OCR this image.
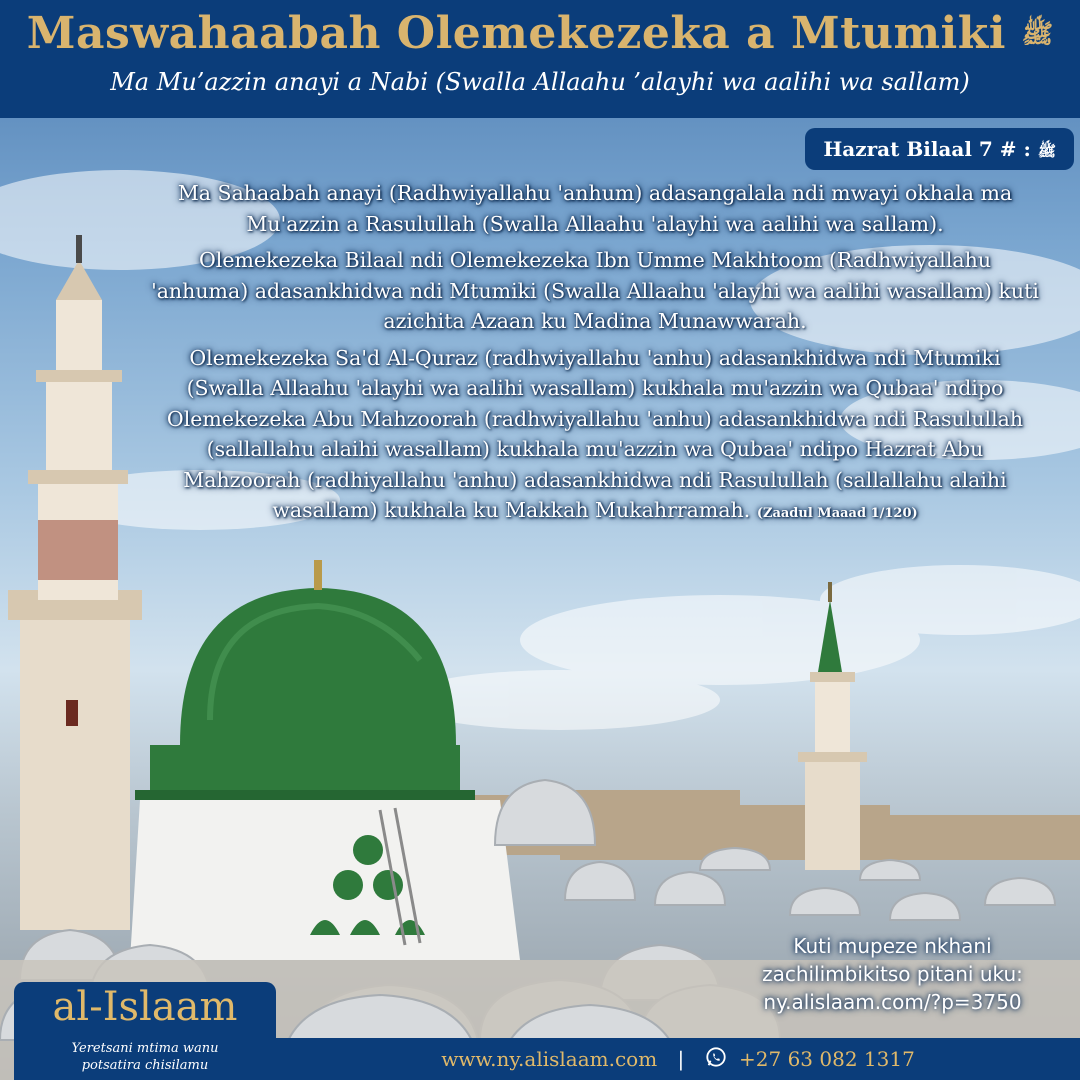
Maswahaabah Olemekezeka a Mtumiki ﷺ
Ma Mu’azzin anayi a Nabi (Swalla Allaahu ’alayhi wa aalihi wa sallam)
Hazrat Bilaal	ﷺ : # 7

Ma Sahaabah anayi (Radhwiyallahu 'anhum) adasangalala ndi mwayi okhala ma Mu'azzin a Rasulullah (Swalla Allaahu 'alayhi wa aalihi wa sallam).

Olemekezeka Bilaal ndi Olemekezeka Ibn Umme Makhtoom (Radhwiyallahu 'anhuma) adasankhidwa ndi Mtumiki (Swalla Allaahu 'alayhi wa aalihi wasallam) kuti azichita Azaan ku Madina Munawwarah.

Olemekezeka Sa'd Al-Quraz (radhwiyallahu 'anhu) adasankhidwa ndi Mtumiki (Swalla Allaahu 'alayhi wa aalihi wasallam) kukhala mu'azzin wa Qubaa' ndipo Olemekezeka Abu Mahzoorah (radhwiyallahu 'anhu) adasankhidwa ndi Rasulullah (sallallahu alaihi wasallam) kukhala mu'azzin wa Qubaa' ndipo Hazrat Abu Mahzoorah (radhiyallahu 'anhu) adasankhidwa ndi Rasulullah (sallallahu alaihi wasallam) kukhala ku Makkah Mukahrramah. (Zaadul Maaad 1/120)

Kuti mupeze nkhani
zachilimbikitso pitani uku:
ny.alislaam.com/?p=3750
al-Islaam
Yeretsani mtima wanu
potsatira chisilamu	www.ny.alislaam.com |	+27 63 082 1317
